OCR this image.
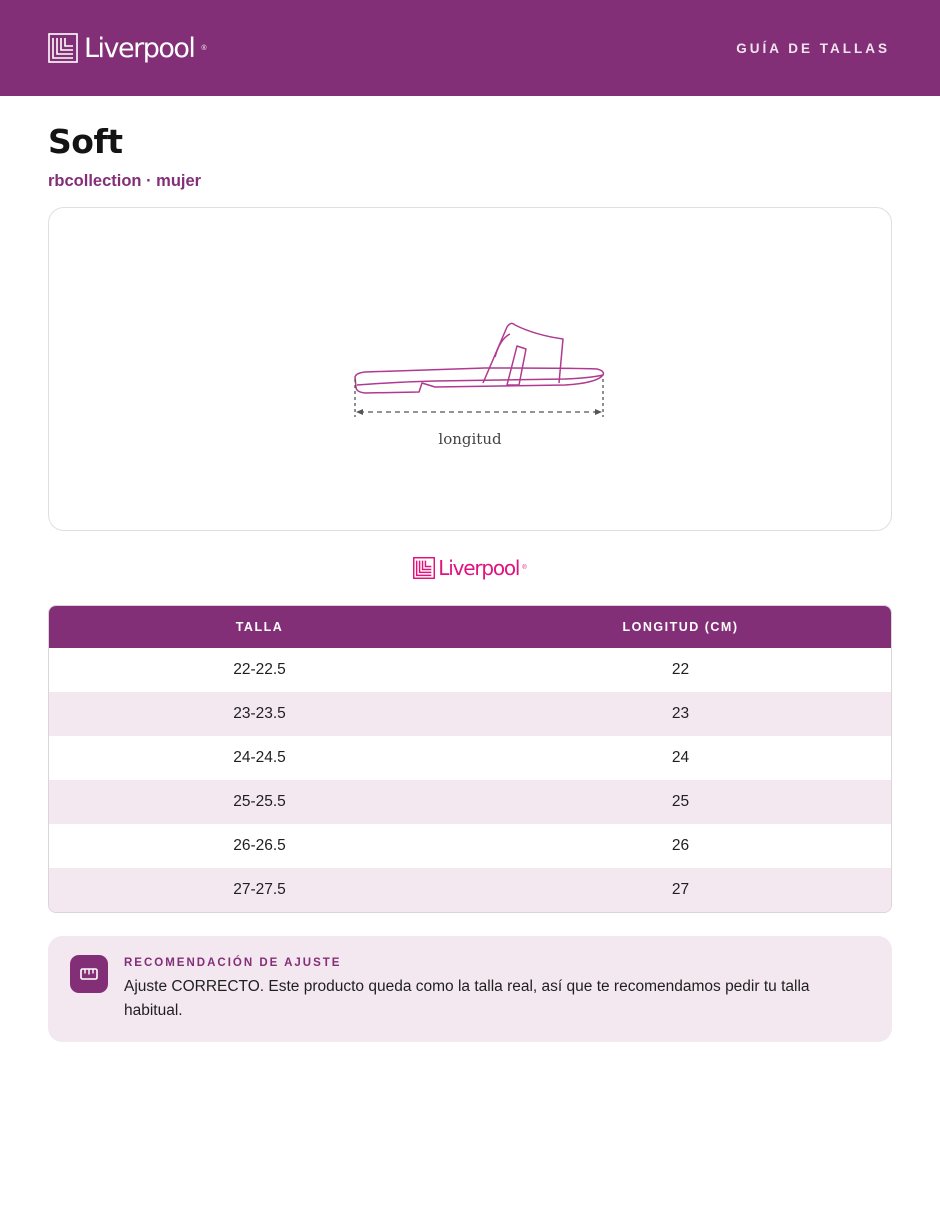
Liverpool ®	GUÍA DE TALLAS
Soft
rbcollection · mujer
longitud
Liverpool ®
TALLA	LONGITUD (CM)
22-22.5	22
23-23.5	23
24-24.5	24
25-25.5	25
26-26.5	26
27-27.5	27
RECOMENDACIÓN DE AJUSTE
Ajuste CORRECTO. Este producto queda como la talla real, así que te recomendamos pedir tu talla habitual.
